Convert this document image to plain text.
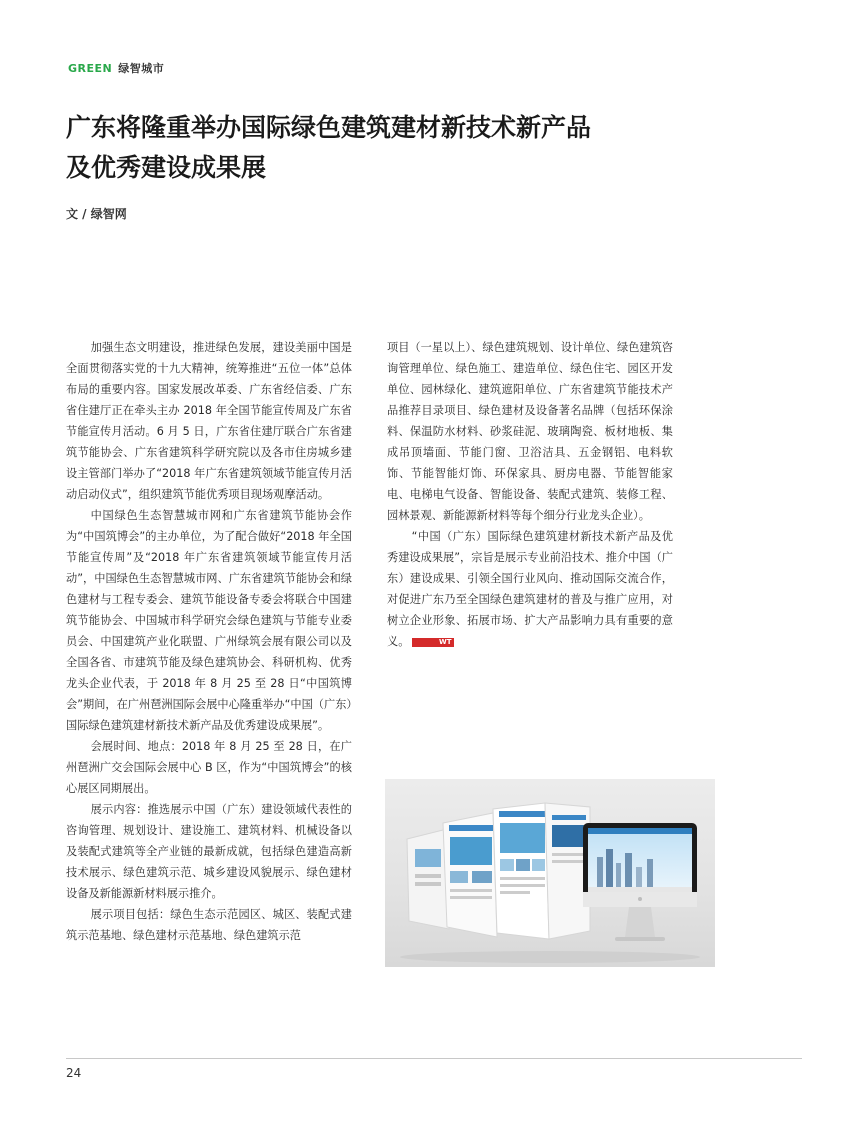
GREEN 绿智城市
广东将隆重举办国际绿色建筑建材新技术新产品
及优秀建设成果展
文 / 绿智网

加强生态文明建设，推进绿色发展，建设美丽中国是全面贯彻落实党的十九大精神，统筹推进“五位一体”总体布局的重要内容。国家发展改革委、广东省经信委、广东省住建厅正在牵头主办 2018 年全国节能宣传周及广东省节能宣传月活动。6 月 5 日，广东省住建厅联合广东省建筑节能协会、广东省建筑科学研究院以及各市住房城乡建设主管部门举办了“2018 年广东省建筑领域节能宣传月活动启动仪式”，组织建筑节能优秀项目现场观摩活动。

中国绿色生态智慧城市网和广东省建筑节能协会作为“中国筑博会”的主办单位，为了配合做好“2018 年全国节能宣传周”及“2018 年广东省建筑领域节能宣传月活动”，中国绿色生态智慧城市网、广东省建筑节能协会和绿色建材与工程专委会、建筑节能设备专委会将联合中国建筑节能协会、中国城市科学研究会绿色建筑与节能专业委员会、中国建筑产业化联盟、广州绿筑会展有限公司以及全国各省、市建筑节能及绿色建筑协会、科研机构、优秀龙头企业代表，于 2018 年 8 月 25 至 28 日“中国筑博会”期间，在广州琶洲国际会展中心隆重举办“中国（广东）国际绿色建筑建材新技术新产品及优秀建设成果展”。

会展时间、地点：2018 年 8 月 25 至 28 日，在广州琶洲广交会国际会展中心 B 区，作为“中国筑博会”的核心展区同期展出。

展示内容：推选展示中国（广东）建设领域代表性的咨询管理、规划设计、建设施工、建筑材料、机械设备以及装配式建筑等全产业链的最新成就，包括绿色建造高新技术展示、绿色建筑示范、城乡建设风貌展示、绿色建材设备及新能源新材料展示推介。

展示项目包括：绿色生态示范园区、城区、装配式建筑示范基地、绿色建材示范基地、绿色建筑示范

项目（一星以上）、绿色建筑规划、设计单位、绿色建筑咨询管理单位、绿色施工、建造单位、绿色住宅、园区开发单位、园林绿化、建筑遮阳单位、广东省建筑节能技术产品推荐目录项目、绿色建材及设备著名品牌（包括环保涂料、保温防水材料、砂浆硅泥、玻璃陶瓷、板材地板、集成吊顶墙面、节能门窗、卫浴洁具、五金钢铝、电料软饰、节能智能灯饰、环保家具、厨房电器、节能智能家电、电梯电气设备、智能设备、装配式建筑、装修工程、园林景观、新能源新材料等每个细分行业龙头企业）。

“中国（广东）国际绿色建筑建材新技术新产品及优秀建设成果展”，宗旨是展示专业前沿技术、推介中国（广东）建设成果、引领全国行业风向、推动国际交流合作，对促进广东乃至全国绿色建筑建材的普及与推广应用，对树立企业形象、拓展市场、扩大产品影响力具有重要的意义。	WT

24
